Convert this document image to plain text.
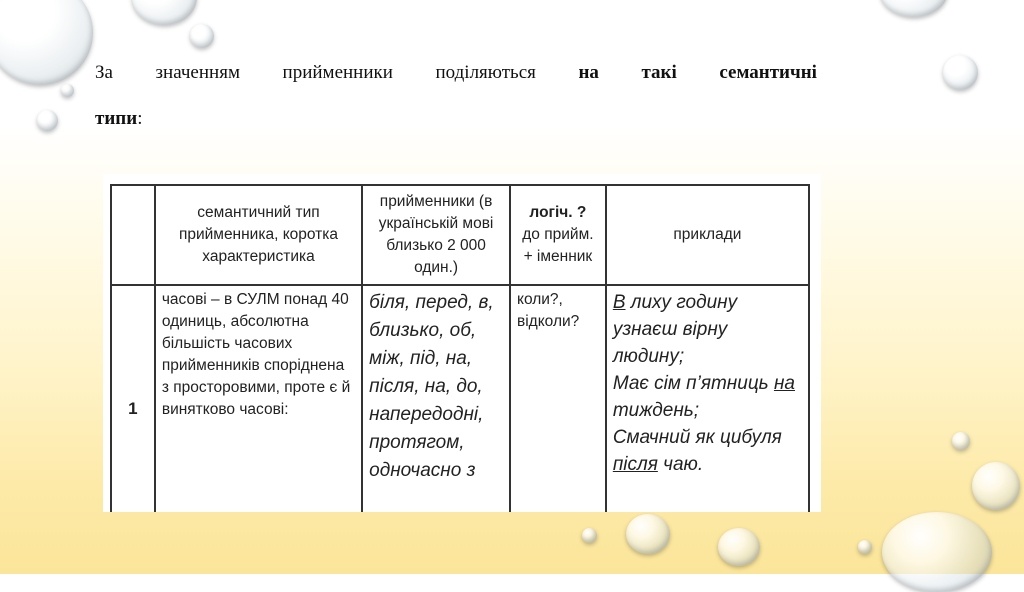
За значенням прийменники поділяються на такі семантичні
типи:
	семантичний тип прийменника, коротка характеристика	прийменники (в українській мові близько 2 000 один.)	логіч. ?
до прийм. + іменник	приклади
1	часові – в СУЛМ понад 40 одиниць, абсолютна більшість часових прийменників споріднена з просторовими, проте є й винятково часові:	біля, перед, в, близько, об, між, під, на, після, на, до, напередодні, протягом, одночасно з	коли?, відколи?	В лиху годину узнаєш вірну людину;
Має сім п’ятниць на тиждень;
Смачний як цибуля після чаю.
